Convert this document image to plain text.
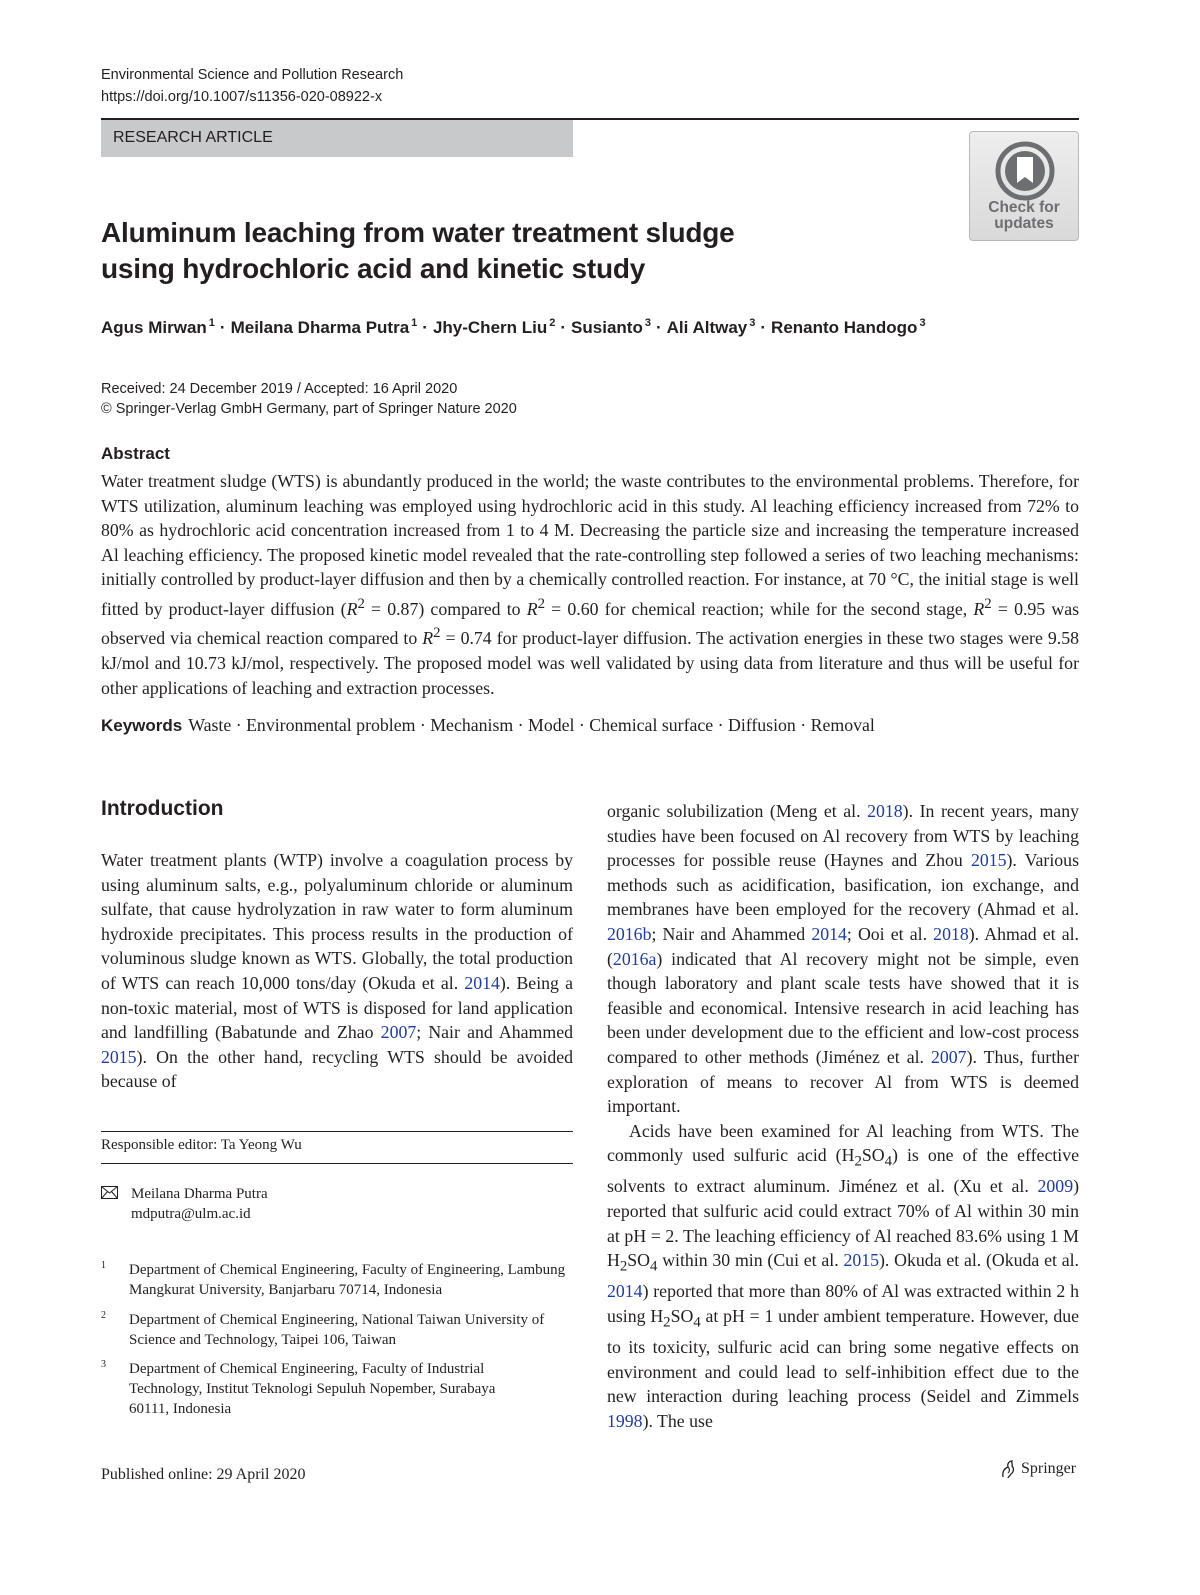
Environmental Science and Pollution Research
https://doi.org/10.1007/s11356-020-08922-x
RESEARCH ARTICLE
Check for
updates
Aluminum leaching from water treatment sludge
using hydrochloric acid and kinetic study
Agus Mirwan $^1$ · Meilana Dharma Putra $^1$ · Jhy-Chern Liu $^2$ · Susianto $^3$ · Ali Altway $^3$ · Renanto Handogo $^3$
Received: 24 December 2019 / Accepted: 16 April 2020
© Springer-Verlag GmbH Germany, part of Springer Nature 2020
Abstract
Water treatment sludge (WTS) is abundantly produced in the world; the waste contributes to the environmental problems. Therefore, for WTS utilization, aluminum leaching was employed using hydrochloric acid in this study. Al leaching efficiency increased from 72% to 80% as hydrochloric acid concentration increased from 1 to 4 M. Decreasing the particle size and increasing the temperature increased Al leaching efficiency. The proposed kinetic model revealed that the rate-controlling step followed a series of two leaching mechanisms: initially controlled by product-layer diffusion and then by a chemically controlled reaction. For instance, at 70 °C, the initial stage is well fitted by product-layer diffusion $(R^2 = 0.87)$ compared to $R^2 = 0.60$ for chemical reaction; while for the second stage, $R^2 = 0.95$ was observed via chemical reaction compared to $R^2 = 0.74$ for product-layer diffusion. The activation energies in these two stages were 9.58 kJ/mol and 10.73 kJ/mol, respectively. The proposed model was well validated by using data from literature and thus will be useful for other applications of leaching and extraction processes.
Keywords Waste · Environmental problem · Mechanism · Model · Chemical surface · Diffusion · Removal
Introduction
Water treatment plants (WTP) involve a coagulation process by using aluminum salts, e.g., polyaluminum chloride or aluminum sulfate, that cause hydrolyzation in raw water to form aluminum hydroxide precipitates. This process results in the production of voluminous sludge known as WTS. Globally, the total production of WTS can reach 10,000 tons/day (Okuda et al. 2014). Being a non-toxic material, most of WTS is disposed for land application and landfilling (Babatunde and Zhao 2007; Nair and Ahammed 2015). On the other hand, recycling WTS should be avoided because of

organic solubilization (Meng et al. 2018). In recent years, many studies have been focused on Al recovery from WTS by leaching processes for possible reuse (Haynes and Zhou 2015). Various methods such as acidification, basification, ion exchange, and membranes have been employed for the recovery (Ahmad et al. 2016b; Nair and Ahammed 2014; Ooi et al. 2018). Ahmad et al. (2016a) indicated that Al recovery might not be simple, even though laboratory and plant scale tests have showed that it is feasible and economical. Intensive research in acid leaching has been under development due to the efficient and low-cost process compared to other methods (Jiménez et al. 2007). Thus, further exploration of means to recover Al from WTS is deemed important.

Acids have been examined for Al leaching from WTS. The commonly used sulfuric acid $(H_2SO_4)$ is one of the effective solvents to extract aluminum. Jiménez et al. (Xu et al. 2009) reported that sulfuric acid could extract 70% of Al within 30 min at pH = 2. The leaching efficiency of Al reached 83.6% using 1 M $H_2SO_4$ within 30 min (Cui et al. 2015). Okuda et al. (Okuda et al. 2014) reported that more than 80% of Al was extracted within 2 h using $H_2SO_4$ at pH = 1 under ambient temperature. However, due to its toxicity, sulfuric acid can bring some negative effects on environment and could lead to self-inhibition effect due to the new interaction during leaching process (Seidel and Zimmels 1998). The use

Responsible editor: Ta Yeong Wu
Meilana Dharma Putra
mdputra@ulm.ac.id
1 Department of Chemical Engineering, Faculty of Engineering, Lambung Mangkurat University, Banjarbaru 70714, Indonesia
2 Department of Chemical Engineering, National Taiwan University of Science and Technology, Taipei 106, Taiwan
3 Department of Chemical Engineering, Faculty of Industrial Technology, Institut Teknologi Sepuluh Nopember, Surabaya 60111, Indonesia
Published online: 29 April 2020	Springer
